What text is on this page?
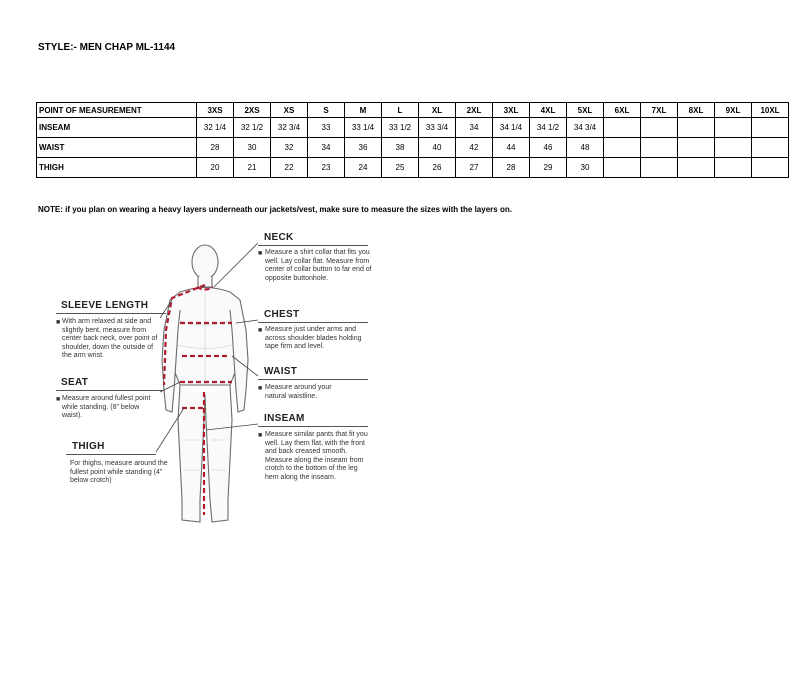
STYLE:- MEN CHAP ML-1144
POINT OF MEASUREMENT	3XS	2XS	XS	S	M	L	XL	2XL	3XL	4XL	5XL	6XL	7XL	8XL	9XL	10XL
INSEAM	32 1/4	32 1/2	32 3/4	33	33 1/4	33 1/2	33 3/4	34	34 1/4	34 1/2	34 3/4					
WAIST	28	30	32	34	36	38	40	42	44	46	48					
THIGH	20	21	22	23	24	25	26	27	28	29	30					
NOTE: if you plan on wearing a heavy layers underneath our jackets/vest, make sure to measure the sizes with the layers on.
NECK
■ Measure a shirt collar that fits you well. Lay collar flat. Measure from center of collar button to far end of opposite buttonhole.
SLEEVE LENGTH
■ With arm relaxed at side and slightly bent, measure from center back neck, over point of shoulder, down the outside of the arm wrist.
CHEST
■ Measure just under arms and across shoulder blades holding tape firm and level.
WAIST
■ Measure around your natural waistline.
SEAT
■ Measure around fullest point while standing. (8" below waist).	INSEAM
■ Measure similar pants that fit you well. Lay them flat, with the front and back creased smooth. Measure along the inseam from crotch to the bottom of the leg hem along the inseam.
THIGH
For thighs, measure around the fullest point while standing (4" below crotch)
